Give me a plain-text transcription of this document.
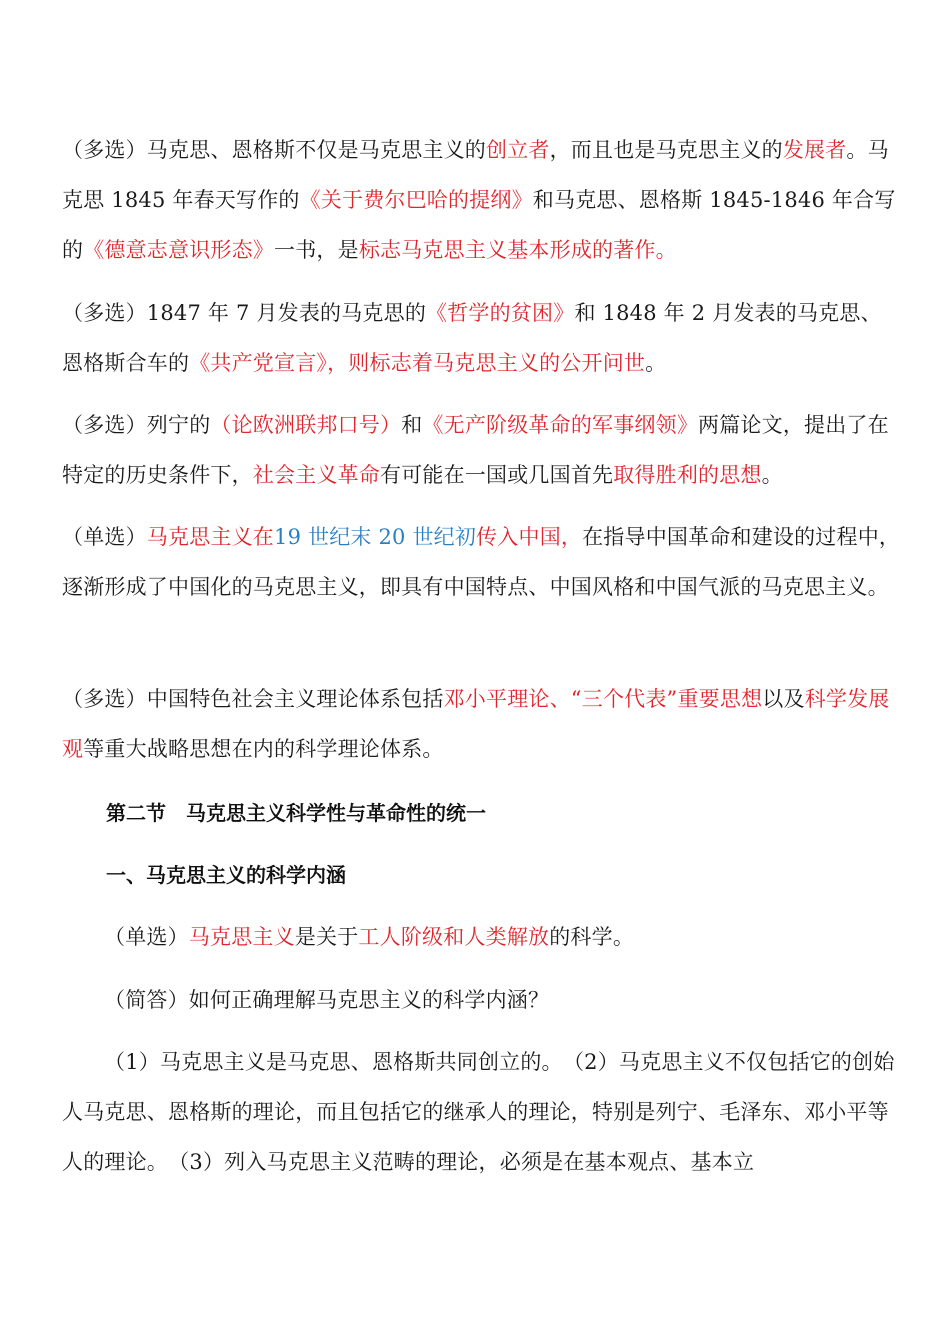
（多选）马克思、恩格斯不仅是马克思主义的创立者，而且也是马克思主义的发展者。马克思 1845 年春天写作的《关于费尔巴哈的提纲》和马克思、恩格斯 1845-1846 年合写的《德意志意识形态》一书，是标志马克思主义基本形成的著作。

（多选）1847 年 7 月发表的马克思的《哲学的贫困》和 1848 年 2 月发表的马克思、恩格斯合车的《共产党宣言》，则标志着马克思主义的公开问世。

（多选）列宁的（论欧洲联邦口号）和《无产阶级革命的军事纲领》两篇论文，提出了在特定的历史条件下，社会主义革命有可能在一国或几国首先取得胜利的思想。

（单选）马克思主义在19 世纪末 20 世纪初传入中国，在指导中国革命和建设的过程中，逐渐形成了中国化的马克思主义，即具有中国特点、中国风格和中国气派的马克思主义。

（多选）中国特色社会主义理论体系包括邓小平理论、“三个代表”重要思想以及科学发展观等重大战略思想在内的科学理论体系。

第二节　马克思主义科学性与革命性的统一
一、马克思主义的科学内涵

（单选）马克思主义是关于工人阶级和人类解放的科学。

（简答）如何正确理解马克思主义的科学内涵？

（1）马克思主义是马克思、恩格斯共同创立的。　（2）马克思主义不仅包括它的创始人马克思、恩格斯的理论，而且包括它的继承人的理论，特别是列宁、毛泽东、邓小平等人的理论。　（3）列入马克思主义范畴的理论，必须是在基本观点、基本立
